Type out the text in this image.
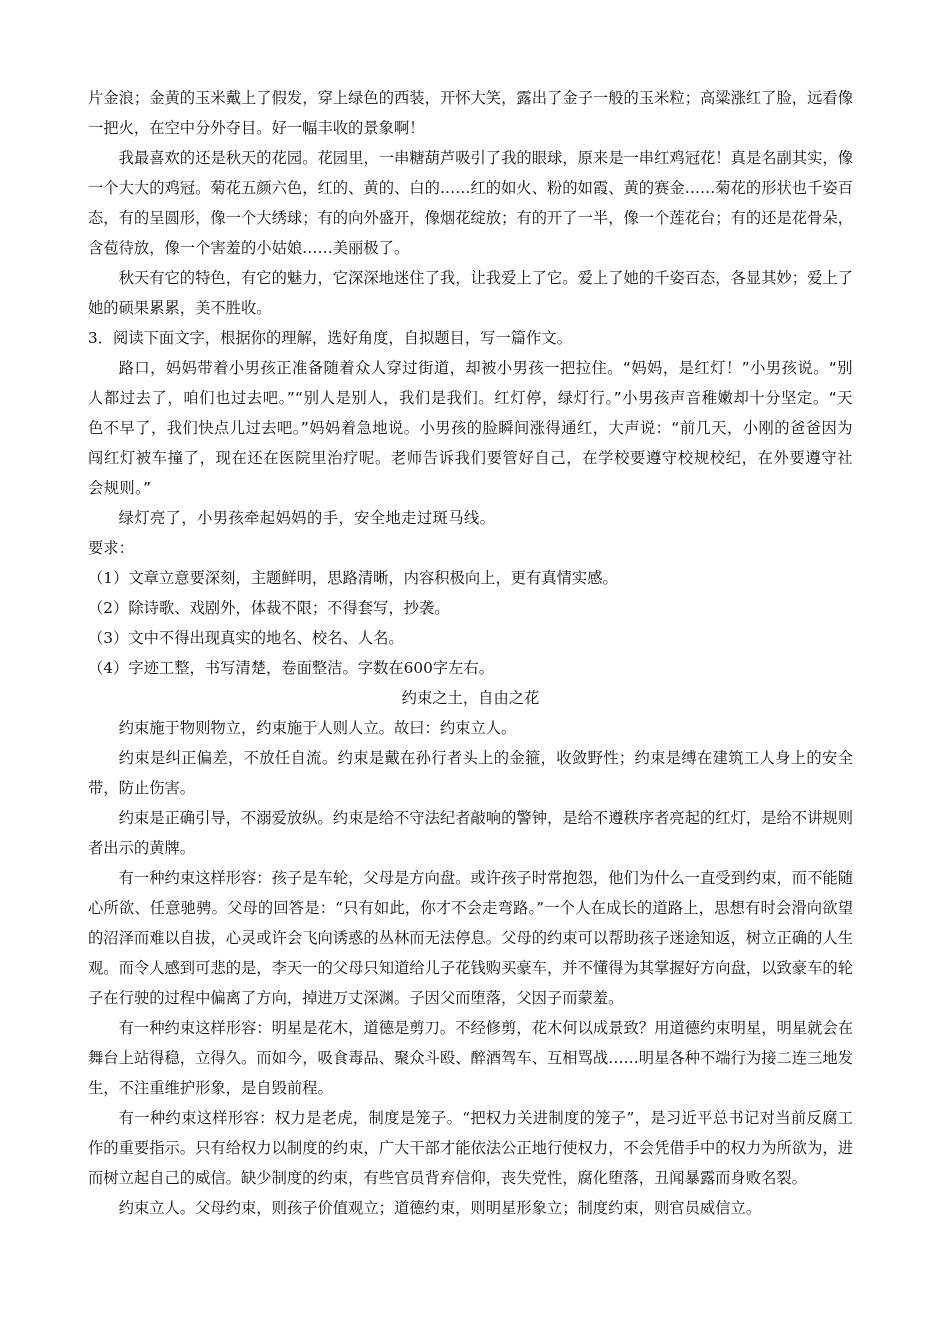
片金浪；金黄的玉米戴上了假发，穿上绿色的西装，开怀大笑，露出了金子一般的玉米粒；高粱涨红了脸，远看像一把火，在空中分外夺目。好一幅丰收的景象啊！

我最喜欢的还是秋天的花园。花园里，一串糖葫芦吸引了我的眼球，原来是一串红鸡冠花！真是名副其实，像一个大大的鸡冠。菊花五颜六色，红的、黄的、白的……红的如火、粉的如霞、黄的赛金……菊花的形状也千姿百态，有的呈圆形，像一个大绣球；有的向外盛开，像烟花绽放；有的开了一半，像一个莲花台；有的还是花骨朵，含苞待放，像一个害羞的小姑娘……美丽极了。

秋天有它的特色，有它的魅力，它深深地迷住了我，让我爱上了它。爱上了她的千姿百态，各显其妙；爱上了她的硕果累累，美不胜收。

3．阅读下面文字，根据你的理解，选好角度，自拟题目，写一篇作文。

路口，妈妈带着小男孩正准备随着众人穿过街道，却被小男孩一把拉住。“妈妈，是红灯！”小男孩说。“别人都过去了，咱们也过去吧。”“别人是别人，我们是我们。红灯停，绿灯行。”小男孩声音稚嫩却十分坚定。“天色不早了，我们快点儿过去吧。”妈妈着急地说。小男孩的脸瞬间涨得通红，大声说：“前几天，小刚的爸爸因为闯红灯被车撞了，现在还在医院里治疗呢。老师告诉我们要管好自己，在学校要遵守校规校纪，在外要遵守社会规则。”

绿灯亮了，小男孩牵起妈妈的手，安全地走过斑马线。

要求：

（1）文章立意要深刻，主题鲜明，思路清晰，内容积极向上，更有真情实感。

（2）除诗歌、戏剧外，体裁不限；不得套写，抄袭。

（3）文中不得出现真实的地名、校名、人名。

（4）字迹工整，书写清楚，卷面整洁。字数在600字左右。

约束之土，自由之花

约束施于物则物立，约束施于人则人立。故曰：约束立人。

约束是纠正偏差，不放任自流。约束是戴在孙行者头上的金箍，收敛野性；约束是缚在建筑工人身上的安全带，防止伤害。

约束是正确引导，不溺爱放纵。约束是给不守法纪者敲响的警钟，是给不遵秩序者亮起的红灯，是给不讲规则者出示的黄牌。

有一种约束这样形容：孩子是车轮，父母是方向盘。或许孩子时常抱怨，他们为什么一直受到约束，而不能随心所欲、任意驰骋。父母的回答是：“只有如此，你才不会走弯路。”一个人在成长的道路上，思想有时会滑向欲望的沼泽而难以自拔，心灵或许会飞向诱惑的丛林而无法停息。父母的约束可以帮助孩子迷途知返，树立正确的人生观。而令人感到可悲的是，李天一的父母只知道给儿子花钱购买豪车，并不懂得为其掌握好方向盘，以致豪车的轮子在行驶的过程中偏离了方向，掉进万丈深渊。子因父而堕落，父因子而蒙羞。

有一种约束这样形容：明星是花木，道德是剪刀。不经修剪，花木何以成景致？用道德约束明星，明星就会在舞台上站得稳，立得久。而如今，吸食毒品、聚众斗殴、醉酒驾车、互相骂战……明星各种不端行为接二连三地发生，不注重维护形象，是自毁前程。

有一种约束这样形容：权力是老虎，制度是笼子。“把权力关进制度的笼子”，是习近平总书记对当前反腐工作的重要指示。只有给权力以制度的约束，广大干部才能依法公正地行使权力，不会凭借手中的权力为所欲为，进而树立起自己的威信。缺少制度的约束，有些官员背弃信仰，丧失党性，腐化堕落，丑闻暴露而身败名裂。

约束立人。父母约束，则孩子价值观立；道德约束，则明星形象立；制度约束，则官员威信立。
